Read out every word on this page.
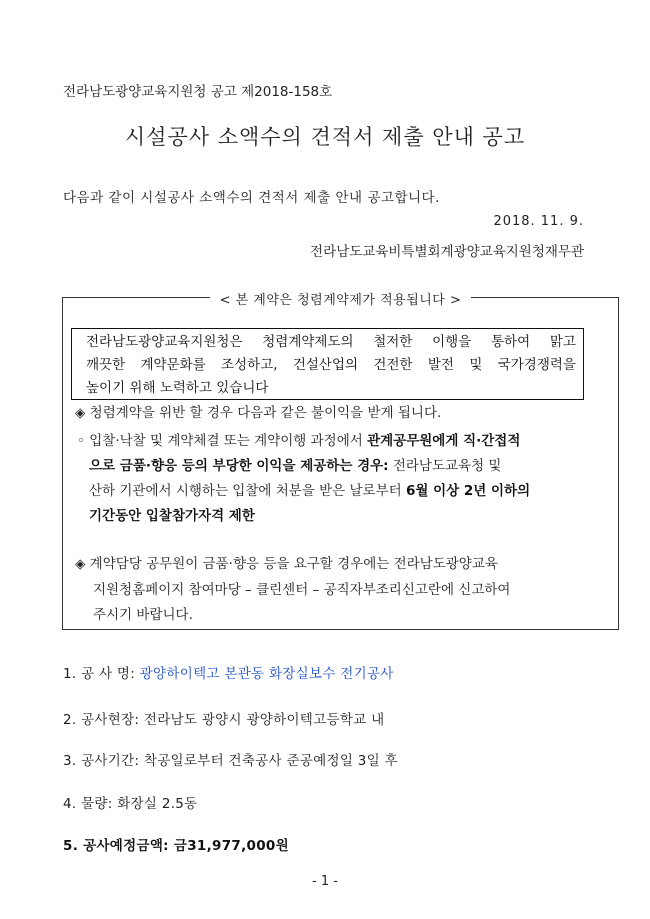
전라남도광양교육지원청 공고 제2018-158호
시설공사 소액수의 견적서 제출 안내 공고
다음과 같이 시설공사 소액수의 견적서 제출 안내 공고합니다.
2018. 11. 9.
전라남도교육비특별회계광양교육지원청재무관
< 본 계약은 청렴계약제가 적용됩니다 >
전라남도광양교육지원청은 청렴계약제도의 철저한 이행을 통하여 맑고
깨끗한 계약문화를 조성하고, 건설산업의 건전한 발전 및 국가경쟁력을
높이기 위해 노력하고 있습니다
◈ 청렴계약을 위반 할 경우 다음과 같은 불이익을 받게 됩니다.
◦ 입찰·낙찰 및 계약체결 또는 계약이행 과정에서 관계공무원에게 직·간접적
으로 금품·향응 등의 부당한 이익을 제공하는 경우: 전라남도교육청 및
산하 기관에서 시행하는 입찰에 처분을 받은 날로부터 6월 이상 2년 이하의
기간동안 입찰참가자격 제한
◈ 계약담당 공무원이 금품·향응 등을 요구할 경우에는 전라남도광양교육
지원청홈페이지 참여마당 – 클린센터 – 공직자부조리신고란에 신고하여
주시기 바랍니다.
1. 공 사 명: 광양하이텍고 본관동 화장실보수 전기공사
2. 공사현장: 전라남도 광양시 광양하이텍고등학교 내
3. 공사기간: 착공일로부터 건축공사 준공예정일 3일 후
4. 물량: 화장실 2.5동
5. 공사예정금액: 금31,977,000원
- 1 -
